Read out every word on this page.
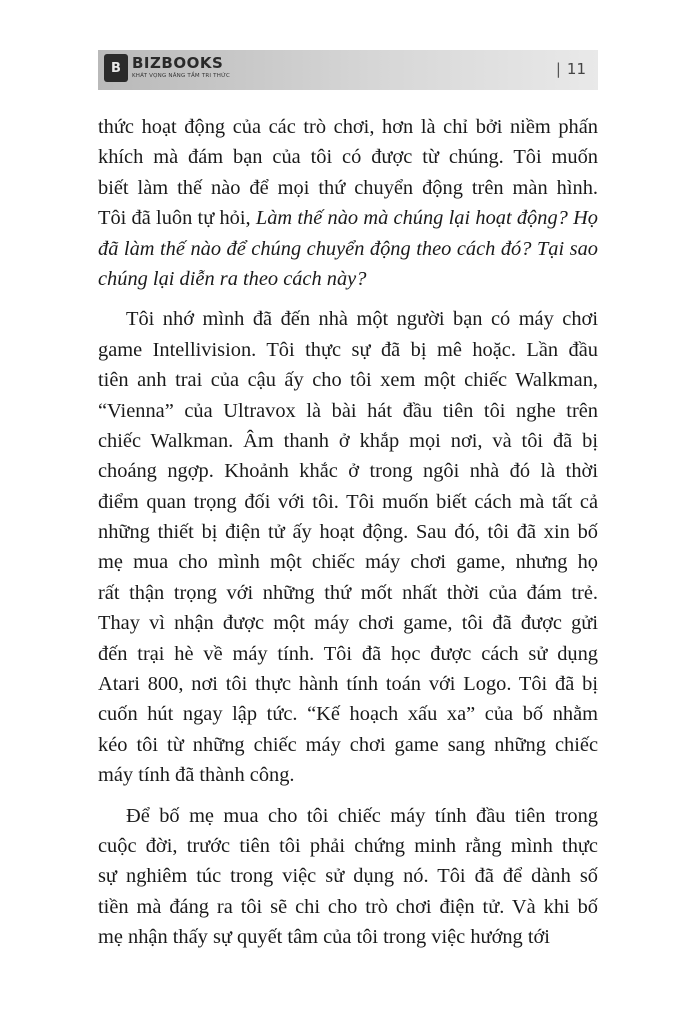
B BIZBOOKS
KHÁT VỌNG NÂNG TẦM TRI THỨC	| 11
thức hoạt động của các trò chơi, hơn là chỉ bởi niềm phấn
khích mà đám bạn của tôi có được từ chúng. Tôi muốn
biết làm thế nào để mọi thứ chuyển động trên màn hình.
Tôi đã luôn tự hỏi, Làm thế nào mà chúng lại hoạt động? Họ
đã làm thế nào để chúng chuyển động theo cách đó? Tại sao
chúng lại diễn ra theo cách này?
Tôi nhớ mình đã đến nhà một người bạn có máy chơi
game Intellivision. Tôi thực sự đã bị mê hoặc. Lần đầu
tiên anh trai của cậu ấy cho tôi xem một chiếc Walkman,
“Vienna” của Ultravox là bài hát đầu tiên tôi nghe trên
chiếc Walkman. Âm thanh ở khắp mọi nơi, và tôi đã bị
choáng ngợp. Khoảnh khắc ở trong ngôi nhà đó là thời
điểm quan trọng đối với tôi. Tôi muốn biết cách mà tất cả
những thiết bị điện tử ấy hoạt động. Sau đó, tôi đã xin bố
mẹ mua cho mình một chiếc máy chơi game, nhưng họ
rất thận trọng với những thứ mốt nhất thời của đám trẻ.
Thay vì nhận được một máy chơi game, tôi đã được gửi
đến trại hè về máy tính. Tôi đã học được cách sử dụng
Atari 800, nơi tôi thực hành tính toán với Logo. Tôi đã bị
cuốn hút ngay lập tức. “Kế hoạch xấu xa” của bố nhằm
kéo tôi từ những chiếc máy chơi game sang những chiếc
máy tính đã thành công.
Để bố mẹ mua cho tôi chiếc máy tính đầu tiên trong
cuộc đời, trước tiên tôi phải chứng minh rằng mình thực
sự nghiêm túc trong việc sử dụng nó. Tôi đã để dành số
tiền mà đáng ra tôi sẽ chi cho trò chơi điện tử. Và khi bố
mẹ nhận thấy sự quyết tâm của tôi trong việc hướng tới
